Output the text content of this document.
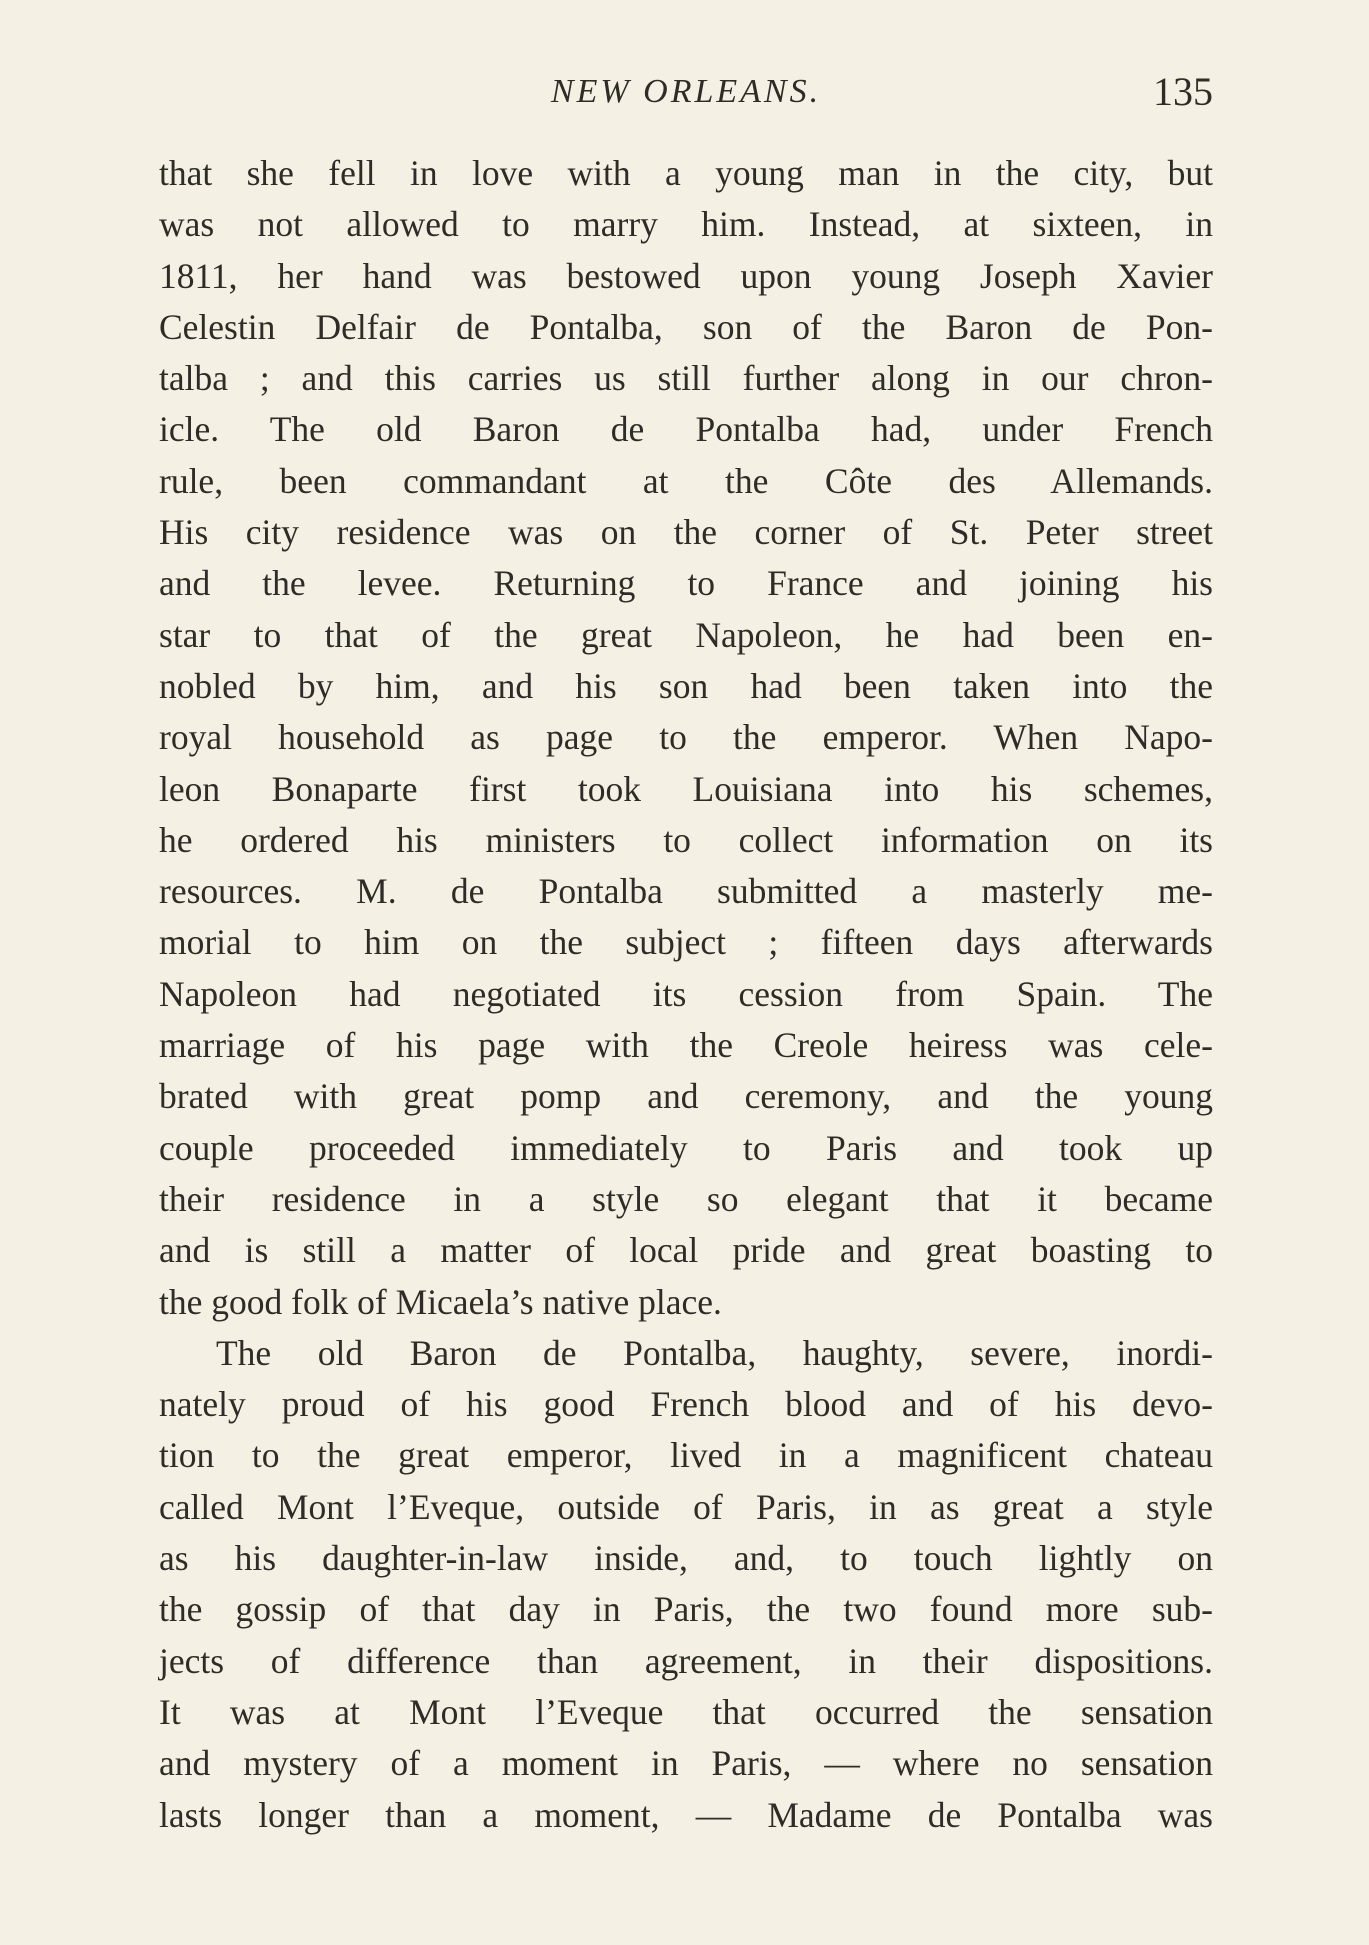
NEW ORLEANS.	135
that she fell in love with a young man in the city, but
was not allowed to marry him. Instead, at sixteen, in
1811, her hand was bestowed upon young Joseph Xavier
Celestin Delfair de Pontalba, son of the Baron de Pon-
talba ; and this carries us still further along in our chron-
icle. The old Baron de Pontalba had, under French
rule, been commandant at the Côte des Allemands.
His city residence was on the corner of St. Peter street
and the levee. Returning to France and joining his
star to that of the great Napoleon, he had been en-
nobled by him, and his son had been taken into the
royal household as page to the emperor. When Napo-
leon Bonaparte first took Louisiana into his schemes,
he ordered his ministers to collect information on its
resources. M. de Pontalba submitted a masterly me-
morial to him on the subject ; fifteen days afterwards
Napoleon had negotiated its cession from Spain. The
marriage of his page with the Creole heiress was cele-
brated with great pomp and ceremony, and the young
couple proceeded immediately to Paris and took up
their residence in a style so elegant that it became
and is still a matter of local pride and great boasting to
the good folk of Micaela’s native place.
The old Baron de Pontalba, haughty, severe, inordi-
nately proud of his good French blood and of his devo-
tion to the great emperor, lived in a magnificent chateau
called Mont l’Eveque, outside of Paris, in as great a style
as his daughter-in-law inside, and, to touch lightly on
the gossip of that day in Paris, the two found more sub-
jects of difference than agreement, in their dispositions.
It was at Mont l’Eveque that occurred the sensation
and mystery of a moment in Paris, — where no sensation
lasts longer than a moment, — Madame de Pontalba was
